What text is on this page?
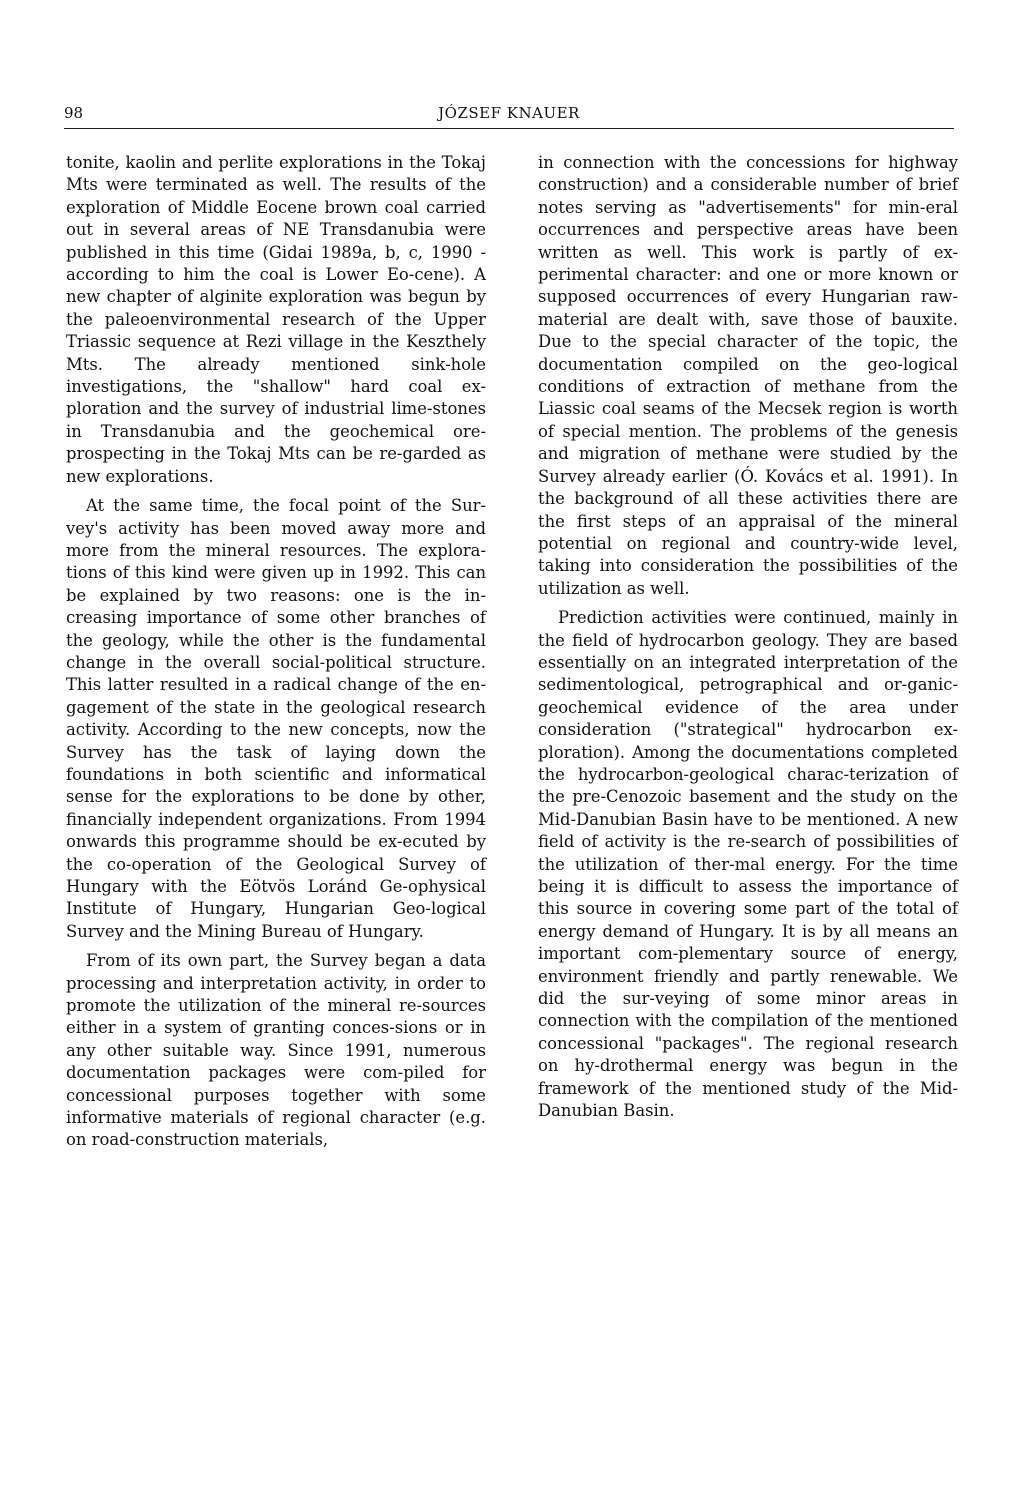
98	JÓZSEF KNAUER

tonite, kaolin and perlite explorations in the Tokaj Mts were terminated as well. The results of the exploration of Middle Eocene brown coal carried out in several areas of NE Transdanubia were published in this time (Gidai 1989a, b, c, 1990 - according to him the coal is Lower Eo-cene). A new chapter of alginite exploration was begun by the paleoenvironmental research of the Upper Triassic sequence at Rezi village in the Keszthely Mts. The already mentioned sink-hole investigations, the "shallow" hard coal ex-ploration and the survey of industrial lime-stones in Transdanubia and the geochemical ore-prospecting in the Tokaj Mts can be re-garded as new explorations.

At the same time, the focal point of the Sur-vey's activity has been moved away more and more from the mineral resources. The explora-tions of this kind were given up in 1992. This can be explained by two reasons: one is the in-creasing importance of some other branches of the geology, while the other is the fundamental change in the overall social-political structure. This latter resulted in a radical change of the en-gagement of the state in the geological research activity. According to the new concepts, now the Survey has the task of laying down the foundations in both scientific and informatical sense for the explorations to be done by other, financially independent organizations. From 1994 onwards this programme should be ex-ecuted by the co-operation of the Geological Survey of Hungary with the Eötvös Loránd Ge-ophysical Institute of Hungary, Hungarian Geo-logical Survey and the Mining Bureau of Hungary.

From of its own part, the Survey began a data processing and interpretation activity, in order to promote the utilization of the mineral re-sources either in a system of granting conces-sions or in any other suitable way. Since 1991, numerous documentation packages were com-piled for concessional purposes together with some informative materials of regional character (e.g. on road-construction materials,

in connection with the concessions for highway construction) and a considerable number of brief notes serving as "advertisements" for min-eral occurrences and perspective areas have been written as well. This work is partly of ex-perimental character: and one or more known or supposed occurrences of every Hungarian raw-material are dealt with, save those of bauxite. Due to the special character of the topic, the documentation compiled on the geo-logical conditions of extraction of methane from the Liassic coal seams of the Mecsek region is worth of special mention. The problems of the genesis and migration of methane were studied by the Survey already earlier (Ó. Kovács et al. 1991). In the background of all these activities there are the first steps of an appraisal of the mineral potential on regional and country-wide level, taking into consideration the possibilities of the utilization as well.

Prediction activities were continued, mainly in the field of hydrocarbon geology. They are based essentially on an integrated interpretation of the sedimentological, petrographical and or-ganic-geochemical evidence of the area under consideration ("strategical" hydrocarbon ex-ploration). Among the documentations completed the hydrocarbon-geological charac-terization of the pre-Cenozoic basement and the study on the Mid-Danubian Basin have to be mentioned. A new field of activity is the re-search of possibilities of the utilization of ther-mal energy. For the time being it is difficult to assess the importance of this source in covering some part of the total of energy demand of Hungary. It is by all means an important com-plementary source of energy, environment friendly and partly renewable. We did the sur-veying of some minor areas in connection with the compilation of the mentioned concessional "packages". The regional research on hy-drothermal energy was begun in the framework of the mentioned study of the Mid-Danubian Basin.
